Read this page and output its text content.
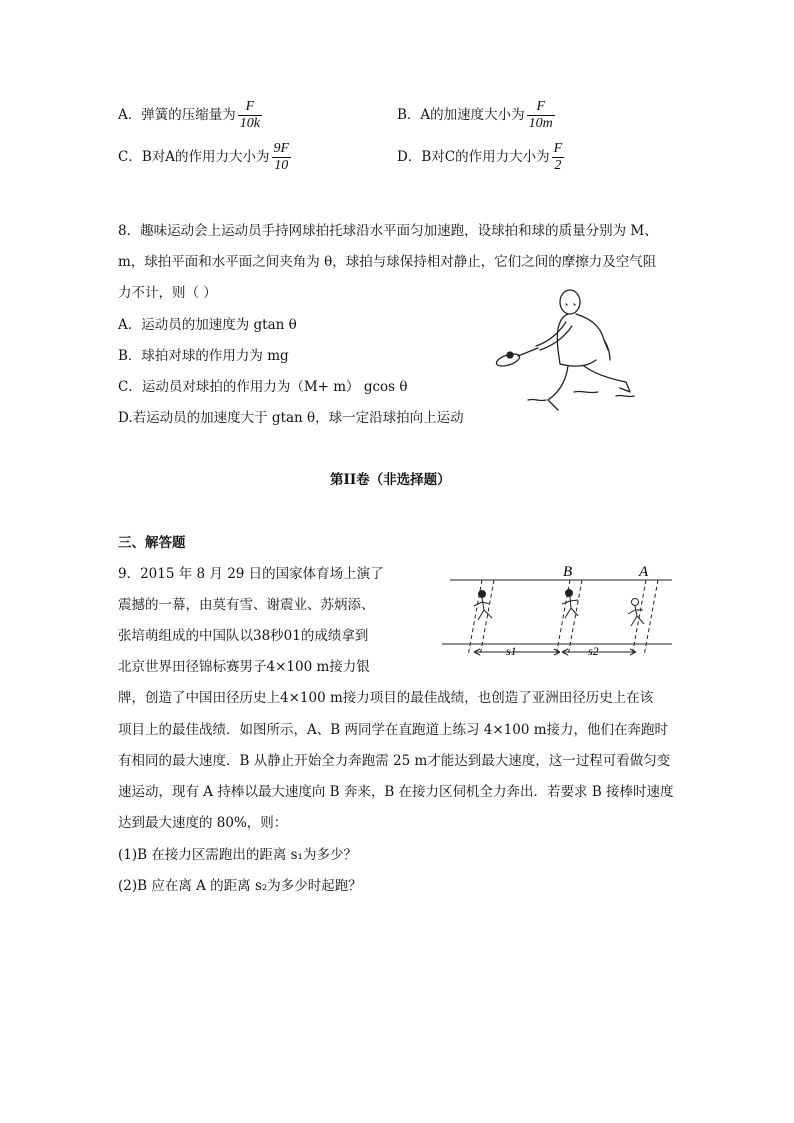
A．弹簧的压缩量为 $\frac{F}{10k}$	B．A的加速度大小为 $\frac{F}{10m}$
C．B对A的作用力大小为 $\frac{9F}{10}$	D．B对C的作用力大小为 $\frac{F}{2}$
8．趣味运动会上运动员手持网球拍托球沿水平面匀加速跑，设球拍和球的质量分别为 M、
m，球拍平面和水平面之间夹角为 θ，球拍与球保持相对静止，它们之间的摩擦力及空气阻
力不计，则（ ）
A．运动员的加速度为 gtan θ
B．球拍对球的作用力为 mg
C．运动员对球拍的作用力为（M+ m） gcos θ
D.若运动员的加速度大于 gtan θ，球一定沿球拍向上运动
第II卷（非选择题）
三、解答题
9．2015 年 8 月 29 日的国家体育场上演了
震撼的一幕，由莫有雪、谢震业、苏炳添、
张培萌组成的中国队以38秒01的成绩拿到
北京世界田径锦标赛男子4×100 m接力银
牌，创造了中国田径历史上4×100 m接力项目的最佳战绩，也创造了亚洲田径历史上在该
项目上的最佳战绩．如图所示，A、B 两同学在直跑道上练习 4×100 m接力，他们在奔跑时
有相同的最大速度．B 从静止开始全力奔跑需 25 m才能达到最大速度，这一过程可看做匀变
速运动，现有 A 持棒以最大速度向 B 奔来，B 在接力区伺机全力奔出．若要求 B 接棒时速度
达到最大速度的 80%，则：
(1)B 在接力区需跑出的距离 s₁为多少？
(2)B 应在离 A 的距离 s₂为多少时起跑？
B	A
s1	s2
